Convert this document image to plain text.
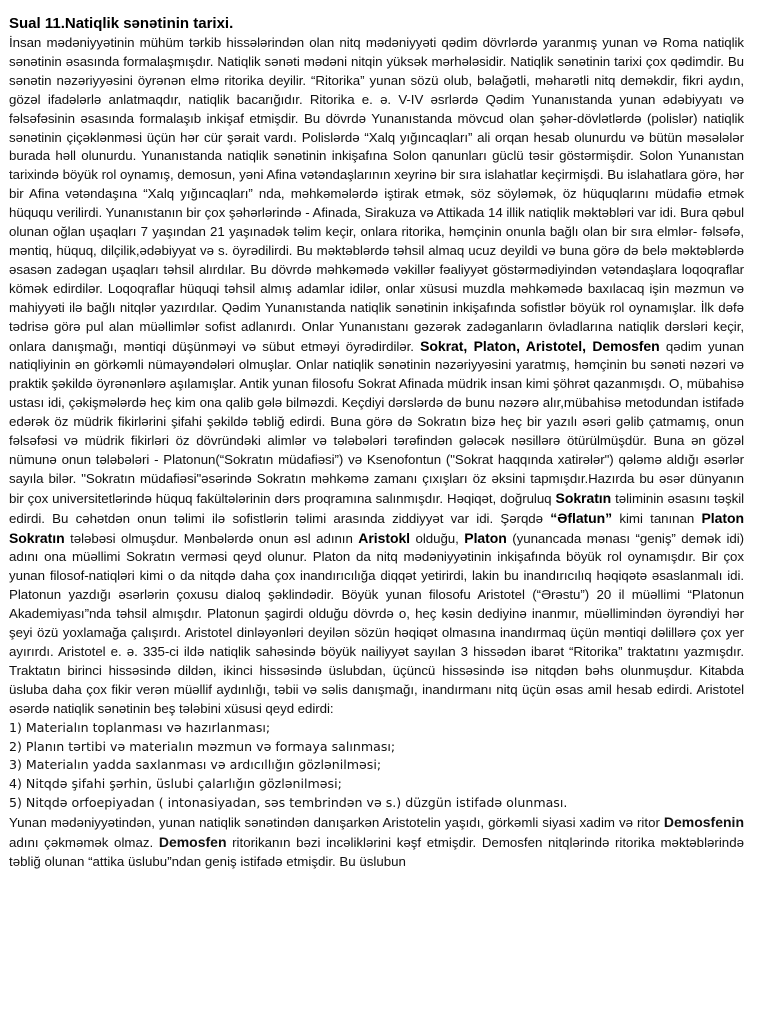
Sual 11.Natiqlik sənətinin tarixi.

İnsan mədəniyyətinin mühüm tərkib hissələrindən olan nitq mədəniyyəti qədim dövrlərdə yaranmış yunan və Roma natiqlik sənətinin əsasında formalaşmışdır. Natiqlik sənəti mədəni nitqin yüksək mərhələsidir. Natiqlik sənətinin tarixi çox qədimdir. Bu sənətin nəzəriyyəsini öyrənən elmə ritorika deyilir. “Ritorika” yunan sözü olub, bəlağətli, məharətli nitq deməkdir, fikri aydın, gözəl ifadələrlə anlatmaqdır, natiqlik bacarığıdır. Ritorika e. ə. V-IV əsrlərdə Qədim Yunanıstanda yunan ədəbiyyatı və fəlsəfəsinin əsasında formalaşıb inkişaf etmişdir. Bu dövrdə Yunanıstanda mövcud olan şəhər-dövlətlərdə (polislər) natiqlik sənətinin çiçəklənməsi üçün hər cür şərait vardı. Polislərdə “Xalq yığıncaqları” ali orqan hesab olunurdu və bütün məsələlər burada həll olunurdu. Yunanıstanda natiqlik sənətinin inkişafına Solon qanunları güclü təsir göstərmişdir. Solon Yunanıstan tarixində böyük rol oynamış, demosun, yəni Afina vətəndaşlarının xeyrinə bir sıra islahatlar keçirmişdi. Bu islahatlara görə, hər bir Afina vətəndaşına “Xalq yığıncaqları” nda, məhkəmələrdə iştirak etmək, söz söyləmək, öz hüquqlarını müdafiə etmək hüququ verilirdi. Yunanıstanın bir çox şəhərlərində - Afinada, Sirakuza və Attikada 14 illik natiqlik məktəbləri var idi. Bura qəbul olunan oğlan uşaqları 7 yaşından 21 yaşınadək təlim keçir, onlara ritorika, həmçinin onunla bağlı olan bir sıra elmlər- fəlsəfə, məntiq, hüquq, dilçilik,ədəbiyyat və s. öyrədilirdi. Bu məktəblərdə təhsil almaq ucuz deyildi və buna görə də belə məktəblərdə əsasən zadəgan uşaqları təhsil alırdılar. Bu dövrdə məhkəmədə vəkillər fəaliyyət göstərmədiyindən vətəndaşlara loqoqraflar kömək edirdilər. Loqoqraflar hüquqi təhsil almış adamlar idilər, onlar xüsusi muzdla məhkəmədə baxılacaq işin məzmun və mahiyyəti ilə bağlı nitqlər yazırdılar. Qədim Yunanıstanda natiqlik sənətinin inkişafında sofistlər böyük rol oynamışlar. İlk dəfə tədrisə görə pul alan müəllimlər sofist adlanırdı. Onlar Yunanıstanı gəzərək zadəganların övladlarına natiqlik dərsləri keçir, onlara danışmağı, məntiqi düşünməyi və sübut etməyi öyrədirdilər. Sokrat, Platon, Aristotel, Demosfen qədim yunan natiqliyinin ən görkəmli nümayəndələri olmuşlar. Onlar natiqlik sənətinin nəzəriyyəsini yaratmış, həmçinin bu sənəti nəzəri və praktik şəkildə öyrənənlərə aşılamışlar. Antik yunan filosofu Sokrat Afinada müdrik insan kimi şöhrət qazanmışdı. O, mübahisə ustası idi, çəkişmələrdə heç kim ona qalib gələ bilməzdi. Keçdiyi dərslərdə də bunu nəzərə alır,mübahisə metodundan istifadə edərək öz müdrik fikirlərini şifahi şəkildə təbliğ edirdi. Buna görə də Sokratın bizə heç bir yazılı əsəri gəlib çatmamış, onun fəlsəfəsi və müdrik fikirləri öz dövründəki alimlər və tələbələri tərəfindən gələcək nəsillərə ötürülmüşdür. Buna ən gözəl nümunə onun tələbələri - Platonun(“Sokratın müdafiəsi”) və Ksenofontun ("Sokrat haqqında xatirələr") qələmə aldığı əsərlər sayıla bilər. "Sokratın müdafiəsi"əsərində Sokratın məhkəmə zamanı çıxışları öz əksini tapmışdır.Hazırda bu əsər dünyanın bir çox universitetlərində hüquq fakültələrinin dərs proqramına salınmışdır. Həqiqət, doğruluq Sokratın təliminin əsasını təşkil edirdi. Bu cəhətdən onun təlimi ilə sofistlərin təlimi arasında ziddiyyət var idi. Şərqdə “Əflatun” kimi tanınan Platon Sokratın tələbəsi olmuşdur. Mənbələrdə onun əsl adının Aristokl olduğu, Platon (yunancada mənası “geniş” demək idi) adını ona müəllimi Sokratın verməsi qeyd olunur. Platon da nitq mədəniyyətinin inkişafında böyük rol oynamışdır. Bir çox yunan filosof-natiqləri kimi o da nitqdə daha çox inandırıcılığa diqqət yetirirdi, lakin bu inandırıcılıq həqiqətə əsaslanmalı idi. Platonun yazdığı əsərlərin çoxusu dialoq şəklindədir. Böyük yunan filosofu Aristotel (“Ərəstu”) 20 il müəllimi “Platonun Akademiyası”nda təhsil almışdır. Platonun şagirdi olduğu dövrdə o, heç kəsin dediyinə inanmır, müəllimindən öyrəndiyi hər şeyi özü yoxlamağa çalışırdı. Aristotel dinləyənləri deyilən sözün həqiqət olmasına inandırmaq üçün məntiqi dəlillərə çox yer ayırırdı. Aristotel e. ə. 335-ci ildə natiqlik sahəsində böyük nailiyyət sayılan 3 hissədən ibarət “Ritorika” traktatını yazmışdır. Traktatın birinci hissəsində dildən, ikinci hissəsində üslubdan, üçüncü hissəsində isə nitqdən bəhs olunmuşdur. Kitabda üsluba daha çox fikir verən müəllif aydınlığı, təbii və səlis danışmağı, inandırmanı nitq üçün əsas amil hesab edirdi. Aristotel əsərdə natiqlik sənətinin beş tələbini xüsusi qeyd edirdi:

1) Materialın toplanması və hazırlanması;

2) Planın tərtibi və materialın məzmun və formaya salınması;

3) Materialın yadda saxlanması və ardıcıllığın gözlənilməsi;

4) Nitqdə şifahi şərhin, üslubi çalarlığın gözlənilməsi;

5) Nitqdə orfoepiyadan ( intonasiyadan, səs tembrindən və s.) düzgün istifadə olunması.

Yunan mədəniyyətindən, yunan natiqlik sənətindən danışarkən Aristotelin yaşıdı, görkəmli siyasi xadim və ritor Demosfenin adını çəkməmək olmaz. Demosfen ritorikanın bəzi incəliklərini kəşf etmişdir. Demosfen nitqlərində ritorika məktəblərində təbliğ olunan “attika üslubu”ndan geniş istifadə etmişdir. Bu üslubun
